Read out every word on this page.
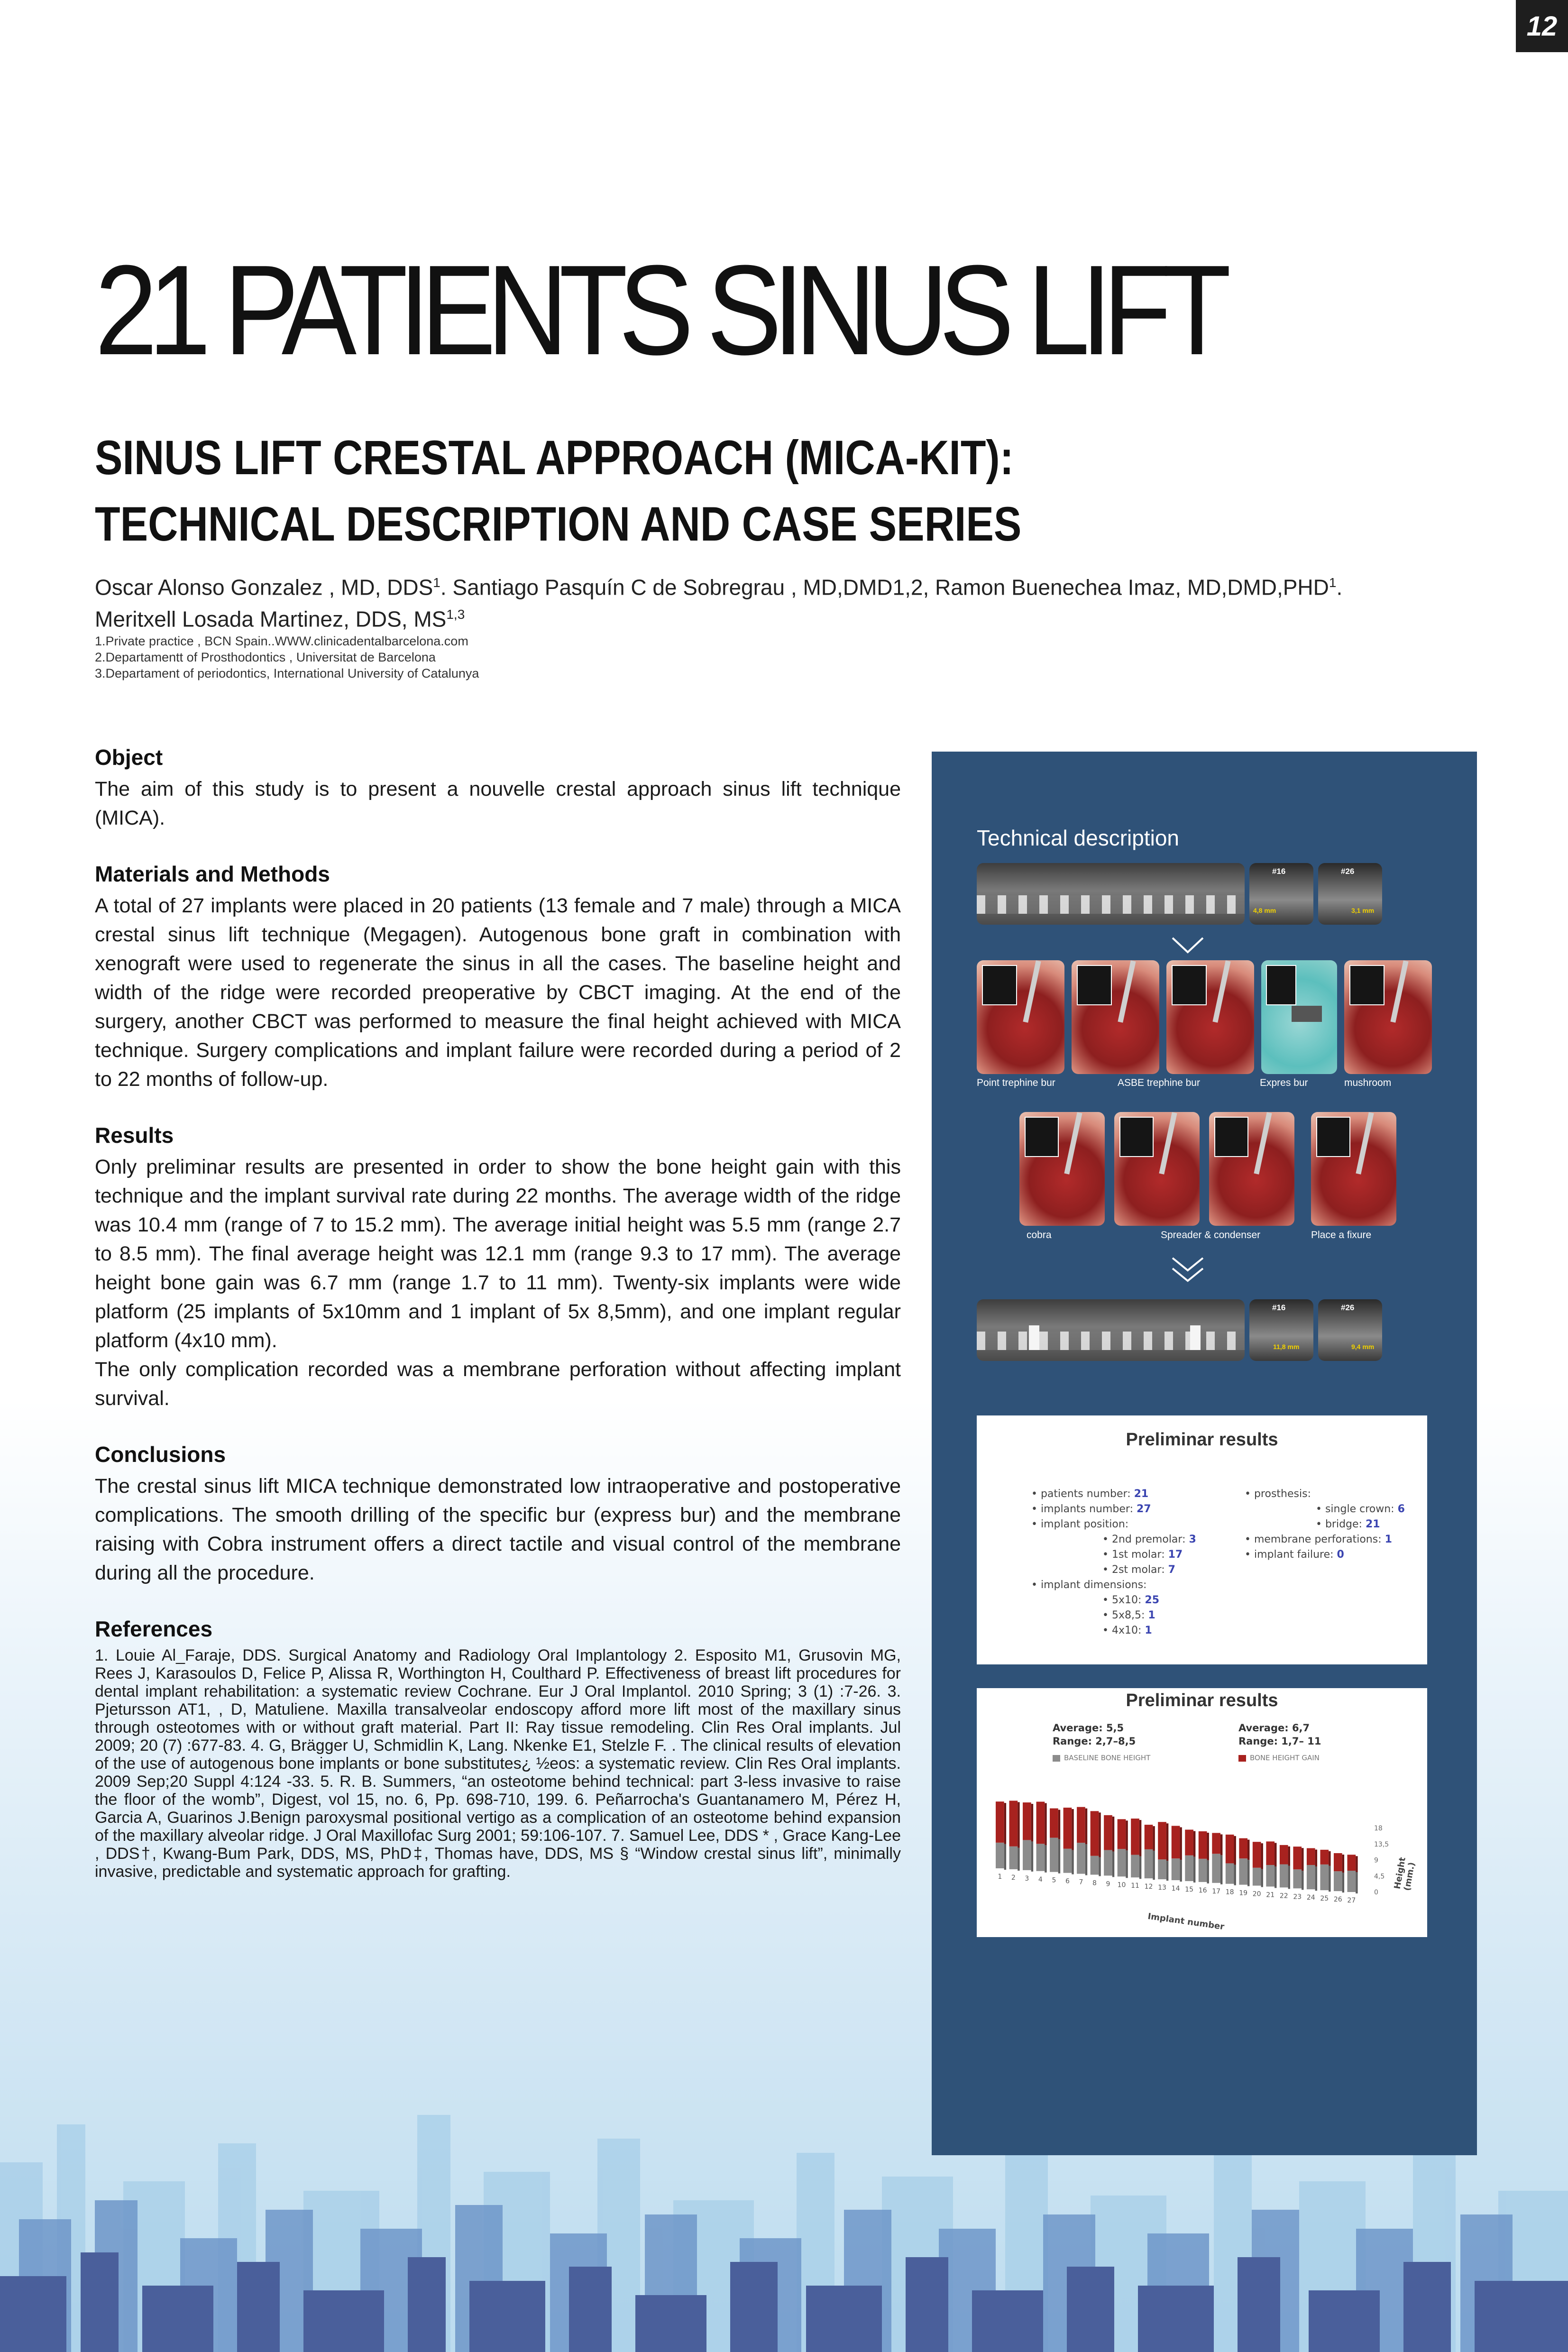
12
21 PATIENTS SINUS LIFT
SINUS LIFT CRESTAL APPROACH (MICA-KIT):
TECHNICAL DESCRIPTION AND CASE SERIES
Oscar Alonso Gonzalez , MD, DDS$^1$. Santiago Pasquín C de Sobregrau , MD,DMD1,2, Ramon Buenechea Imaz, MD,DMD,PHD$^1$.
Meritxell Losada Martinez, DDS, MS$^{1,3}$
1.Private practice , BCN Spain..WWW.clinicadentalbarcelona.com
2.Departamentt of Prosthodontics , Universitat de Barcelona
3.Departament of periodontics, International University of Catalunya
Object

The aim of this study is to present a nouvelle crestal approach sinus lift technique (MICA).

Materials and Methods

A total of 27 implants were placed in 20 patients (13 female and 7 male) through a MICA crestal sinus lift technique (Megagen). Autogenous bone graft in combination with xenograft were used to regenerate the sinus in all the cases. The baseline height and width of the ridge were recorded preoperative by CBCT imaging. At the end of the surgery, another CBCT was performed to measure the final height achieved with MICA technique. Surgery complications and implant failure were recorded during a period of 2 to 22 months of follow-up.

Results

Only preliminar results are presented in order to show the bone height gain with this technique and the implant survival rate during 22 months. The average width of the ridge was 10.4 mm (range of 7 to 15.2 mm). The average initial height was 5.5 mm (range 2.7 to 8.5 mm). The final average height was 12.1 mm (range 9.3 to 17 mm). The average height bone gain was 6.7 mm (range 1.7 to 11 mm). Twenty-six implants were wide platform (25 implants of 5x10mm and 1 implant of 5x 8,5mm), and one implant regular platform (4x10 mm).

The only complication recorded was a membrane perforation without affecting implant survival.

Conclusions

The crestal sinus lift MICA technique demonstrated low intraoperative and postoperative complications. The smooth drilling of the specific bur (express bur) and the membrane raising with Cobra instrument offers a direct tactile and visual control of the membrane during all the procedure.

References

1. Louie Al_Faraje, DDS. Surgical Anatomy and Radiology Oral Implantology 2. Esposito M1, Grusovin MG, Rees J, Karasoulos D, Felice P, Alissa R, Worthington H, Coulthard P. Effectiveness of breast lift procedures for dental implant rehabilitation: a systematic review Cochrane. Eur J Oral Implantol. 2010 Spring; 3 (1) :7-26. 3. Pjetursson AT1, , D, Matuliene. Maxilla transalveolar endoscopy afford more lift most of the maxillary sinus through osteotomes with or without graft material. Part II: Ray tissue remodeling. Clin Res Oral implants. Jul 2009; 20 (7) :677-83. 4. G, Brägger U, Schmidlin K, Lang. Nkenke E1, Stelzle F. . The clinical results of elevation of the use of autogenous bone implants or bone substitutes¿ ½eos: a systematic review. Clin Res Oral implants. 2009 Sep;20 Suppl 4:124 -33. 5. R. B. Summers, “an osteotome behind technical: part 3-less invasive to raise the floor of the womb”, Digest, vol 15, no. 6, Pp. 698-710, 199. 6. Peñarrocha's Guantanamero M, Pérez H, Garcia A, Guarinos J.Benign paroxysmal positional vertigo as a complication of an osteotome behind expansion of the maxillary alveolar ridge. J Oral Maxillofac Surg 2001; 59:106-107. 7. Samuel Lee, DDS * , Grace Kang-Lee , DDS†, Kwang-Bum Park, DDS, MS, PhD‡, Thomas have, DDS, MS § “Window crestal sinus lift”, minimally invasive, predictable and systematic approach for grafting.

Technical description
#16
4,8 mm
#26
3,1 mm
Point trephine bur	ASBE trephine bur	Expres bur	mushroom
cobra	Spreader & condenser	Place a fixure
#16
11,8 mm
#26
9,4 mm
Preliminar results
• patients number: 21
• implants number: 27
• implant position:
• 2nd premolar: 3
• 1st molar: 17
• 2st molar: 7
• implant dimensions:
• 5x10: 25
• 5x8,5: 1
• 4x10: 1
• prosthesis:
• single crown: 6
• bridge: 21
• membrane perforations: 1
• implant failure: 0
Preliminar results
Average: 5,5
Range: 2,7–8,5
Average: 6,7
Range: 1,7– 11
BASELINE BONE HEIGHT	BONE HEIGHT GAIN
1 2 3 4 5 6 7 8 9 10 11 12 13 14 15 16 17 18 19 20 21 22 23 24 25 26 27
0
4,5
9
13,5
18
Implant number
Height (mm.)
